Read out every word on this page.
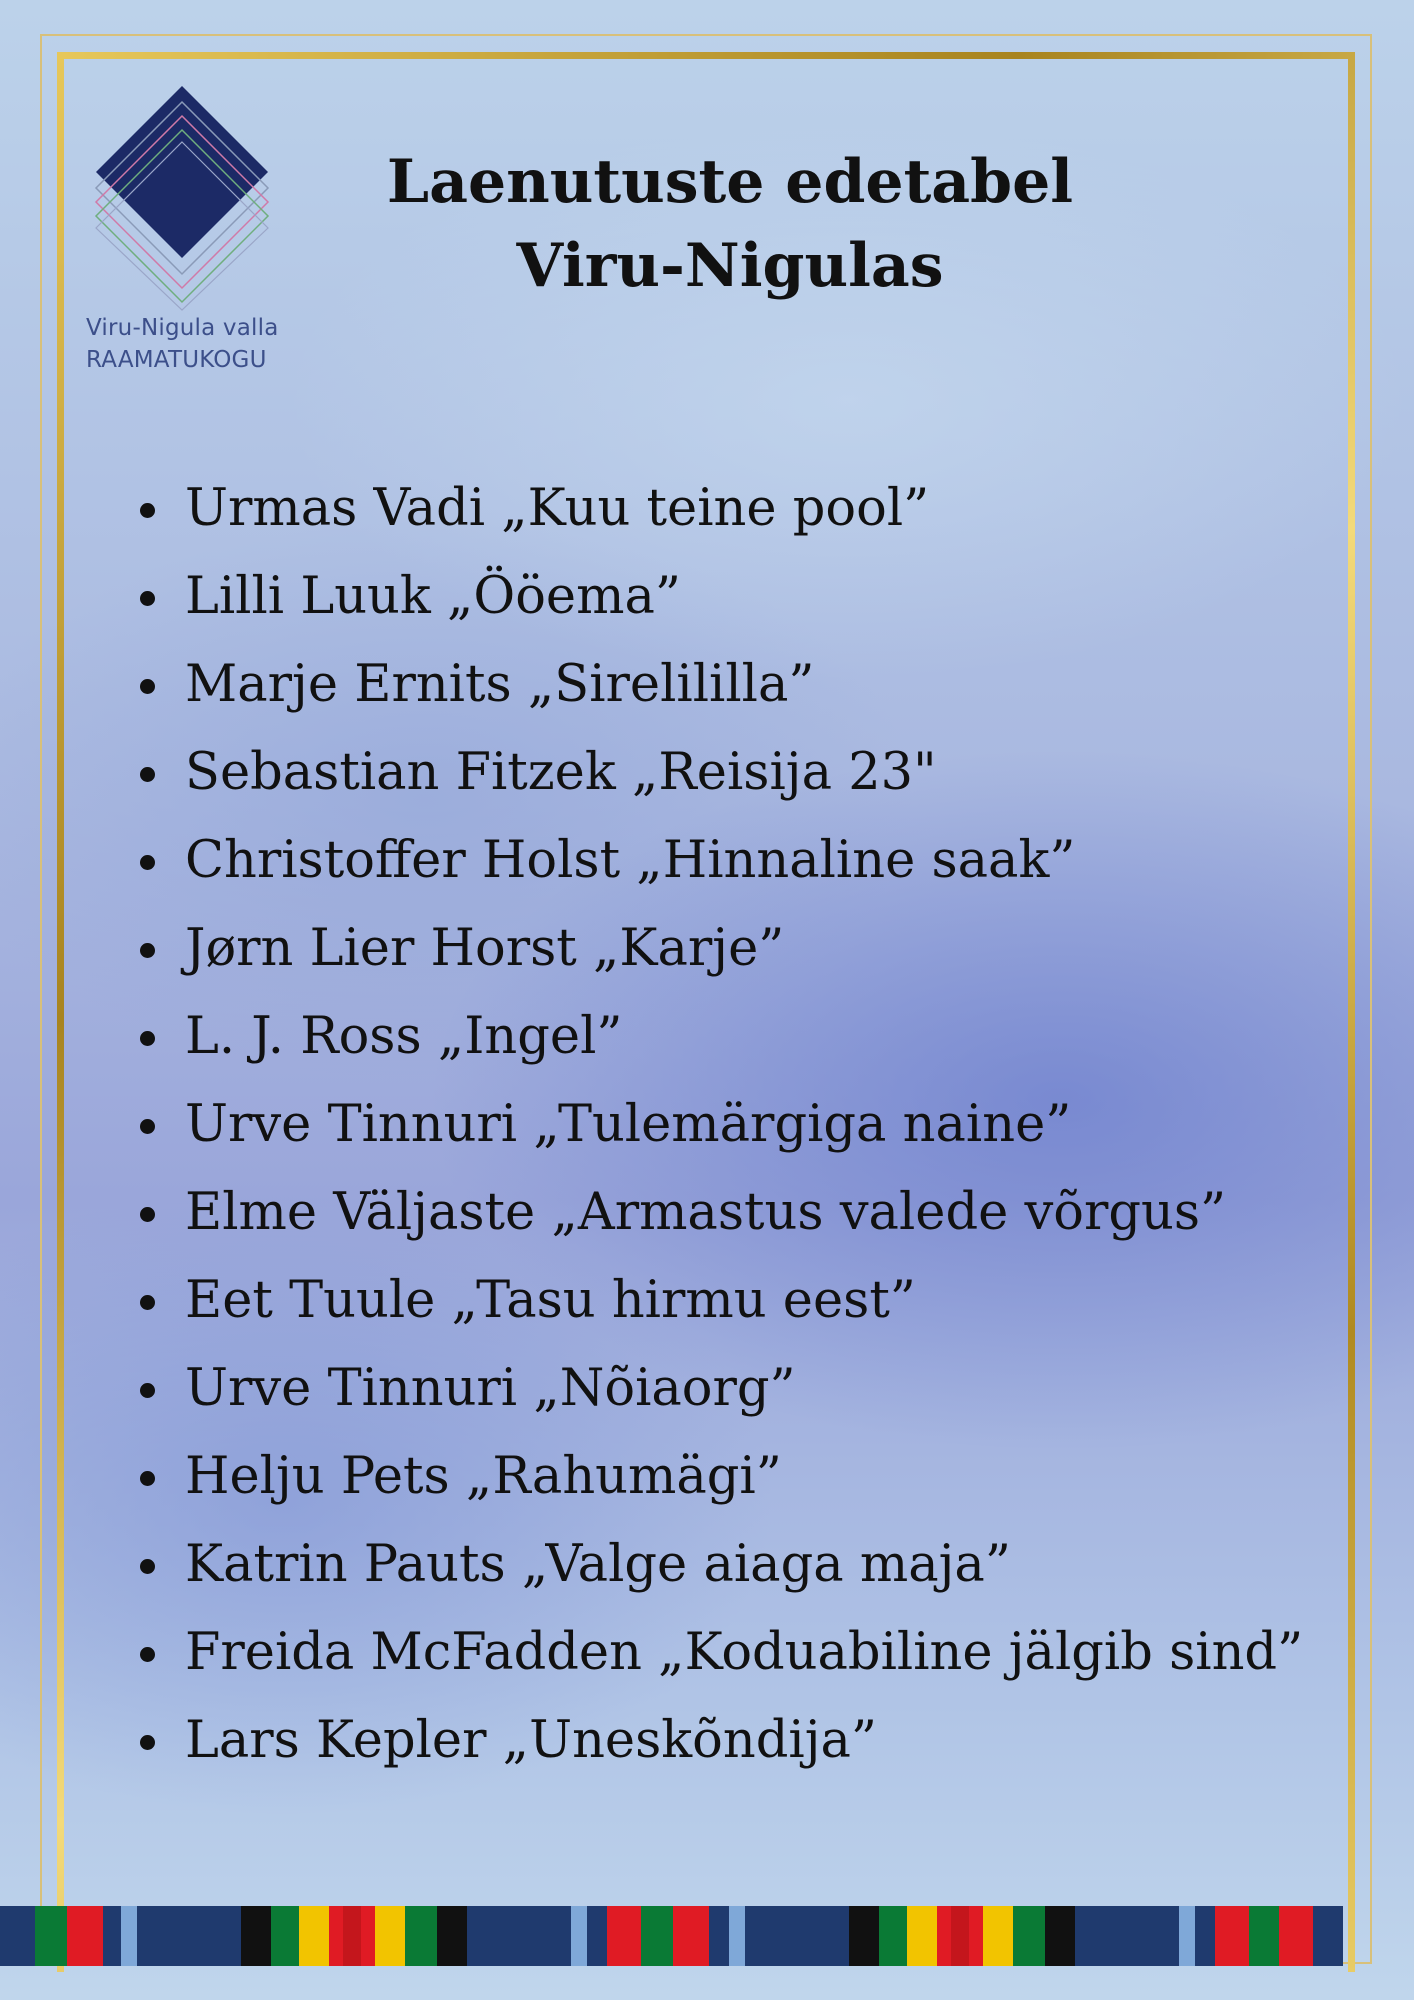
Viru-Nigula valla
RAAMATUKOGU
Laenutuste edetabel
Viru-Nigulas
Urmas Vadi „Kuu teine pool”
Lilli Luuk „Ööema”
Marje Ernits „Sirelililla”
Sebastian Fitzek „Reisija 23"
Christoffer Holst „Hinnaline saak”
Jørn Lier Horst „Karje”
L. J. Ross „Ingel”
Urve Tinnuri „Tulemärgiga naine”
Elme Väljaste „Armastus valede võrgus”
Eet Tuule „Tasu hirmu eest”
Urve Tinnuri „Nõiaorg”
Helju Pets „Rahumägi”
Katrin Pauts „Valge aiaga maja”
Freida McFadden „Koduabiline jälgib sind”
Lars Kepler „Uneskõndija”
